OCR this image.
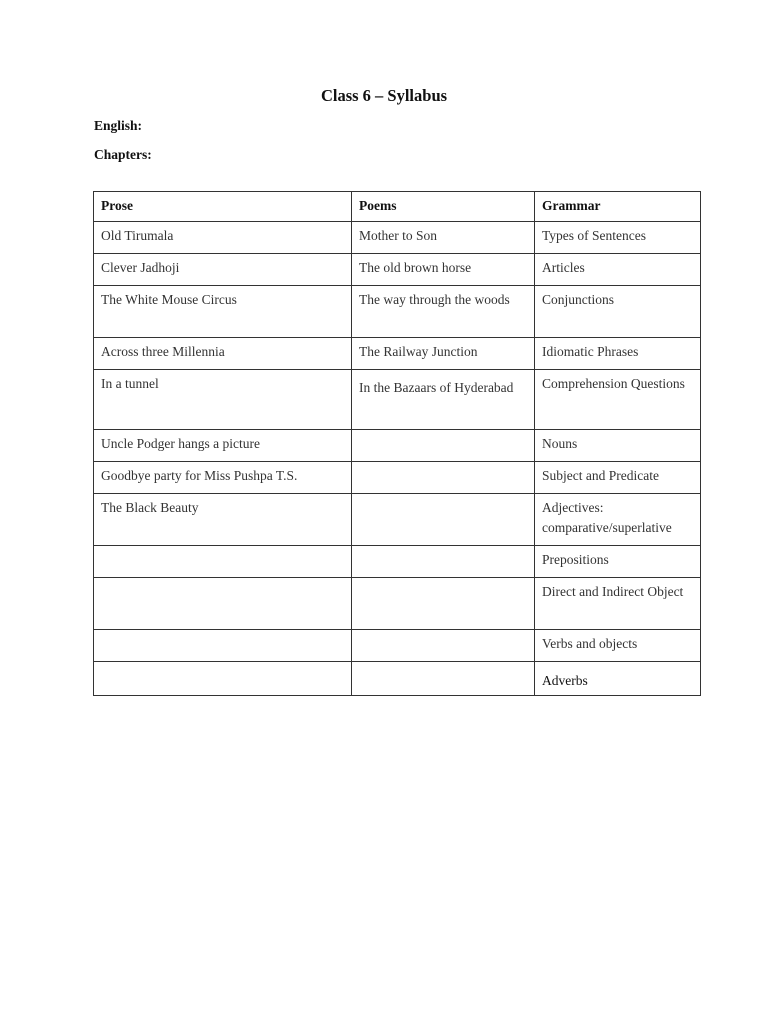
Class 6 – Syllabus
English:
Chapters:
Prose	Poems	Grammar
Old Tirumala	Mother to Son	Types of Sentences
Clever Jadhoji	The old brown horse	Articles
The White Mouse Circus	The way through the woods	Conjunctions
Across three Millennia	The Railway Junction	Idiomatic Phrases
In a tunnel	In the Bazaars of Hyderabad	Comprehension Questions
Uncle Podger hangs a picture		Nouns
Goodbye party for Miss Pushpa T.S.		Subject and Predicate
The Black Beauty		Adjectives: comparative/superlative
		Prepositions
		Direct and Indirect Object
		Verbs and objects
		Adverbs
